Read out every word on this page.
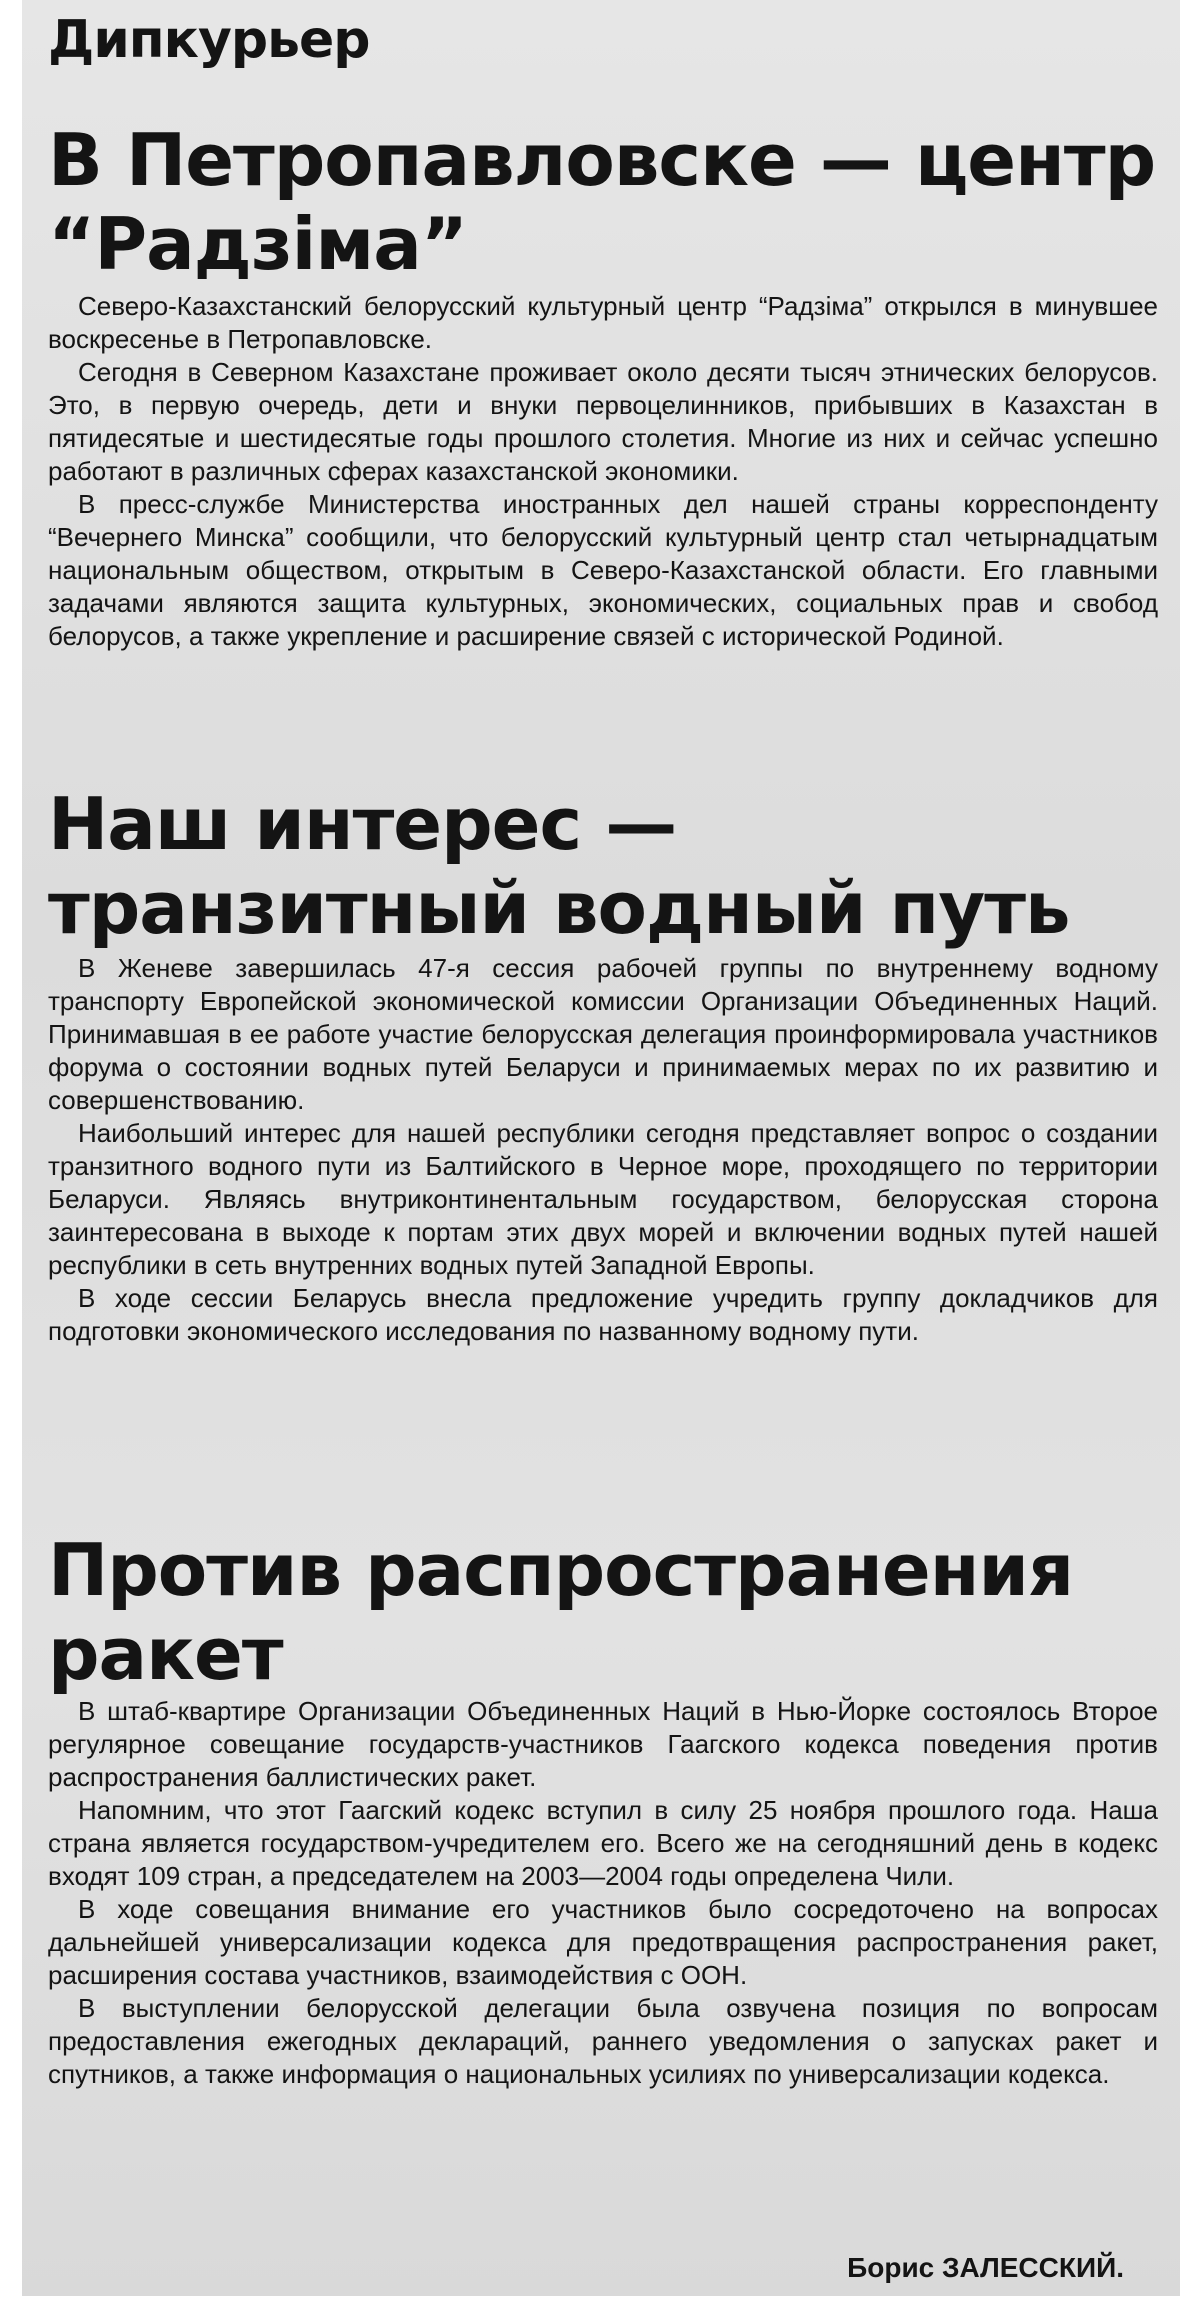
Дипкурьер
В Петропавловске — центр “Радзіма”

Северо-Казахстанский белорусский культурный центр “Радзіма” открылся в минувшее воскресенье в Петропавловске.

Сегодня в Северном Казахстане проживает около десяти тысяч этнических белорусов. Это, в первую очередь, дети и внуки первоцелинников, прибывших в Казахстан в пятидесятые и шестидесятые годы прошлого столетия. Многие из них и сейчас успешно работают в различных сферах казахстанской экономики.

В пресс-службе Министерства иностранных дел нашей страны корреспонденту “Вечернего Минска” сообщили, что белорусский культурный центр стал четырнадцатым национальным обществом, открытым в Северо-Казахстанской области. Его главными задачами являются защита культурных, экономических, социальных прав и свобод белорусов, а также укрепление и расширение связей с исторической Родиной.

Наш интерес — транзитный водный путь

В Женеве завершилась 47-я сессия рабочей группы по внутреннему водному транспорту Европейской экономической комиссии Организации Объединенных Наций. Принимавшая в ее работе участие белорусская делегация проинформировала участников форума о состоянии водных путей Беларуси и принимаемых мерах по их развитию и совершенствованию.

Наибольший интерес для нашей республики сегодня представляет вопрос о создании транзитного водного пути из Балтийского в Черное море, проходящего по территории Беларуси. Являясь внутриконтинентальным государством, белорусская сторона заинтересована в выходе к портам этих двух морей и включении водных путей нашей республики в сеть внутренних водных путей Западной Европы.

В ходе сессии Беларусь внесла предложение учредить группу докладчиков для подготовки экономического исследования по названному водному пути.

Против распространения ракет

В штаб-квартире Организации Объединенных Наций в Нью-Йорке состоялось Второе регулярное совещание государств-участников Гаагского кодекса поведения против распространения баллистических ракет.

Напомним, что этот Гаагский кодекс вступил в силу 25 ноября прошлого года. Наша страна является государством-учредителем его. Всего же на сегодняшний день в кодекс входят 109 стран, а председателем на 2003—2004 годы определена Чили.

В ходе совещания внимание его участников было сосредоточено на вопросах дальнейшей универсализации кодекса для предотвращения распространения ракет, расширения состава участников, взаимодействия с ООН.

В выступлении белорусской делегации была озвучена позиция по вопросам предоставления ежегодных деклараций, раннего уведомления о запусках ракет и спутников, а также информация о национальных усилиях по универсализации кодекса.

Борис ЗАЛЕССКИЙ.
